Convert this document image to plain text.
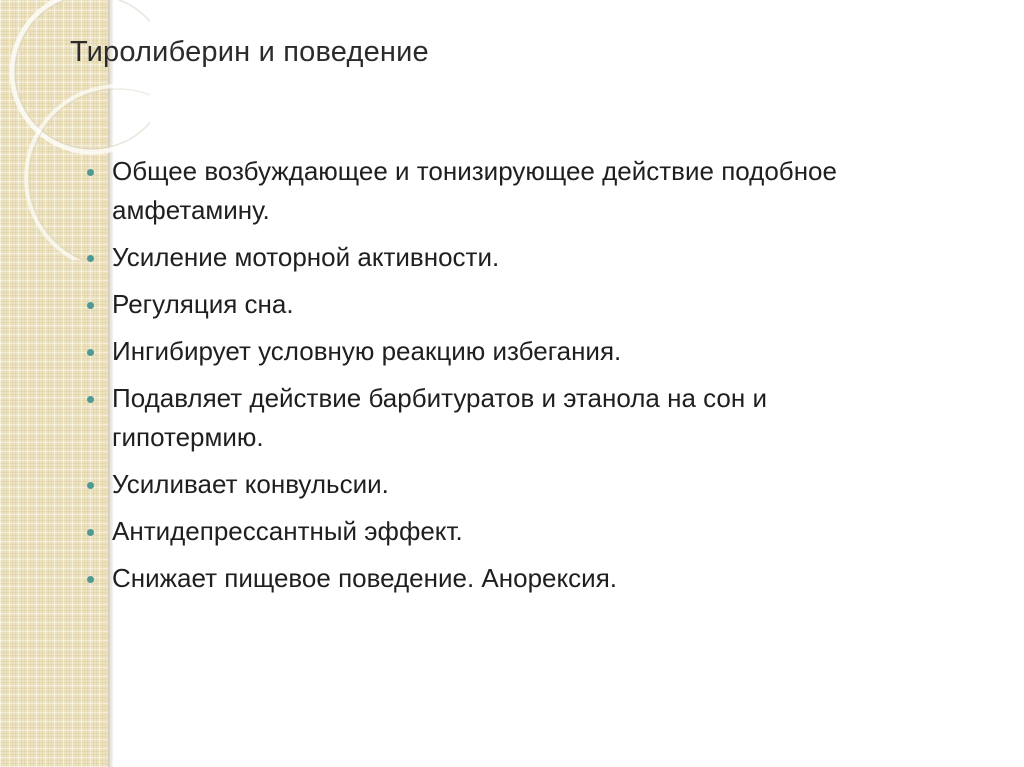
Тиролиберин и поведение
Общее возбуждающее и тонизирующее действие подобное амфетамину.
Усиление моторной активности.
Регуляция сна.
Ингибирует условную реакцию избегания.
Подавляет действие барбитуратов и этанола на сон и гипотермию.
Усиливает конвульсии.
Антидепрессантный эффект.
Снижает пищевое поведение. Анорексия.
